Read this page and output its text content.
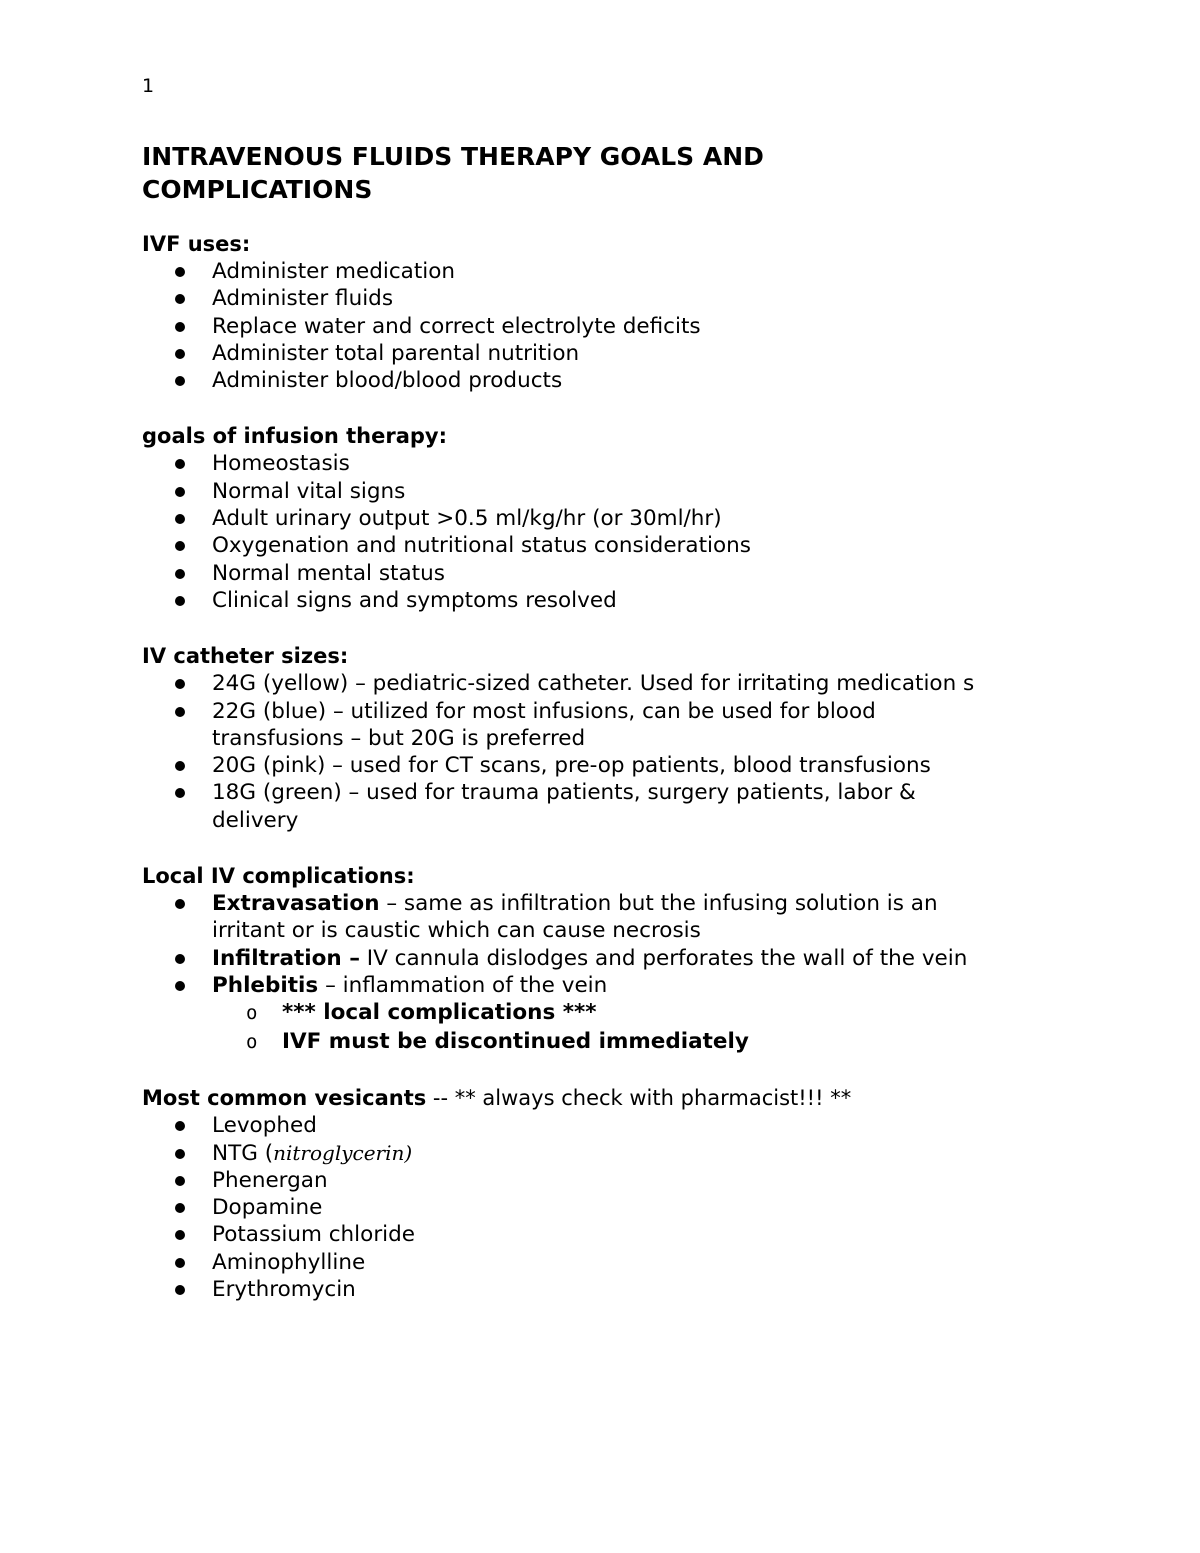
1
INTRAVENOUS FLUIDS THERAPY GOALS AND COMPLICATIONS
IVF uses:
Administer medication
Administer fluids
Replace water and correct electrolyte deficits
Administer total parental nutrition
Administer blood/blood products
goals of infusion therapy:
Homeostasis
Normal vital signs
Adult urinary output >0.5 ml/kg/hr (or 30ml/hr)
Oxygenation and nutritional status considerations
Normal mental status
Clinical signs and symptoms resolved
IV catheter sizes:
24G (yellow) – pediatric-sized catheter. Used for irritating medication s
22G (blue) – utilized for most infusions, can be used for blood transfusions – but 20G is preferred
20G (pink) – used for CT scans, pre-op patients, blood transfusions
18G (green) – used for trauma patients, surgery patients, labor & delivery
Local IV complications:
Extravasation – same as infiltration but the infusing solution is an irritant or is caustic which can cause necrosis
Infiltration – IV cannula dislodges and perforates the wall of the vein
Phlebitis – inflammation of the vein
o *** local complications ***
o IVF must be discontinued immediately
Most common vesicants -- ** always check with pharmacist!!! **
Levophed
NTG (nitroglycerin)
Phenergan
Dopamine
Potassium chloride
Aminophylline
Erythromycin
